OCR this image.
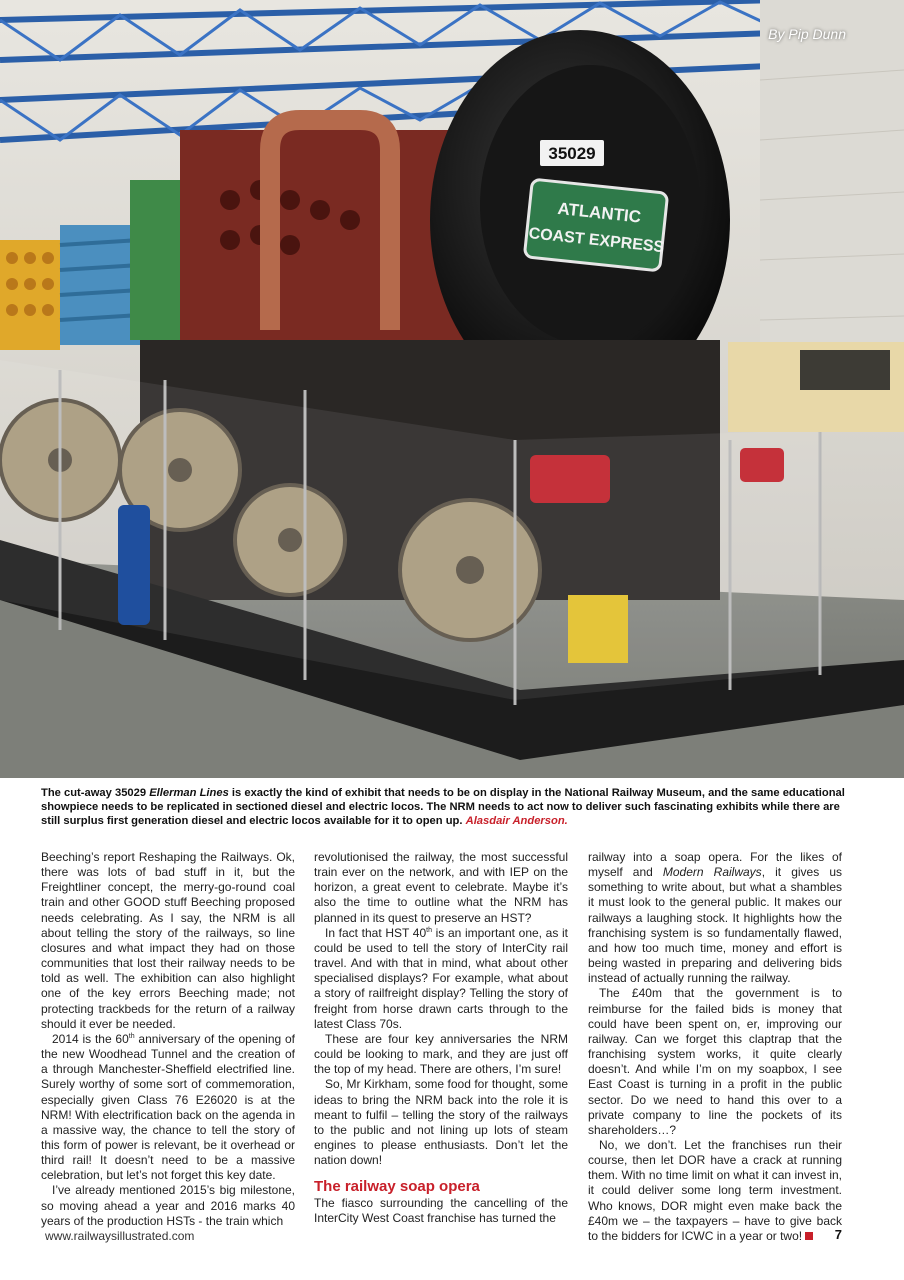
35029
ATLANTIC
COAST EXPRESS
By Pip Dunn
The cut-away 35029 Ellerman Lines is exactly the kind of exhibit that needs to be on display in the National Railway Museum, and the same educational showpiece needs to be replicated in sectioned diesel and electric locos. The NRM needs to act now to deliver such fascinating exhibits while there are still surplus first generation diesel and electric locos available for it to open up. Alasdair Anderson.

Beeching’s report Reshaping the Railways. Ok, there was lots of bad stuff in it, but the Freightliner concept, the merry-go-round coal train and other GOOD stuff Beeching proposed needs celebrating. As I say, the NRM is all about telling the story of the railways, so line closures and what impact they had on those communities that lost their railway needs to be told as well. The exhibition can also highlight one of the key errors Beeching made; not protecting trackbeds for the return of a railway should it ever be needed.

2014 is the 60th anniversary of the opening of the new Woodhead Tunnel and the creation of a through Manchester-Sheffield electrified line. Surely worthy of some sort of commemoration, especially given Class 76 E26020 is at the NRM! With electrification back on the agenda in a massive way, the chance to tell the story of this form of power is relevant, be it overhead or third rail! It doesn’t need to be a massive celebration, but let’s not forget this key date.

I’ve already mentioned 2015’s big milestone, so moving ahead a year and 2016 marks 40 years of the production HSTs - the train which

revolutionised the railway, the most successful train ever on the network, and with IEP on the horizon, a great event to celebrate. Maybe it’s also the time to outline what the NRM has planned in its quest to preserve an HST?

In fact that HST 40th is an important one, as it could be used to tell the story of InterCity rail travel. And with that in mind, what about other specialised displays? For example, what about a story of railfreight display? Telling the story of freight from horse drawn carts through to the latest Class 70s.

These are four key anniversaries the NRM could be looking to mark, and they are just off the top of my head. There are others, I’m sure!

So, Mr Kirkham, some food for thought, some ideas to bring the NRM back into the role it is meant to fulfil – telling the story of the railways to the public and not lining up lots of steam engines to please enthusiasts. Don’t let the nation down!

The railway soap opera

The fiasco surrounding the cancelling of the InterCity West Coast franchise has turned the

railway into a soap opera. For the likes of myself and Modern Railways, it gives us something to write about, but what a shambles it must look to the general public. It makes our railways a laughing stock. It highlights how the franchising system is so fundamentally flawed, and how too much time, money and effort is being wasted in preparing and delivering bids instead of actually running the railway.

The £40m that the government is to reimburse for the failed bids is money that could have been spent on, er, improving our railway. Can we forget this claptrap that the franchising system works, it quite clearly doesn’t. And while I’m on my soapbox, I see East Coast is turning in a profit in the public sector. Do we need to hand this over to a private company to line the pockets of its shareholders…?

No, we don’t. Let the franchises run their course, then let DOR have a crack at running them. With no time limit on what it can invest in, it could deliver some long term investment. Who knows, DOR might even make back the £40m we – the taxpayers – have to give back to the bidders for ICWC in a year or two!

www.railwaysillustrated.com	7
